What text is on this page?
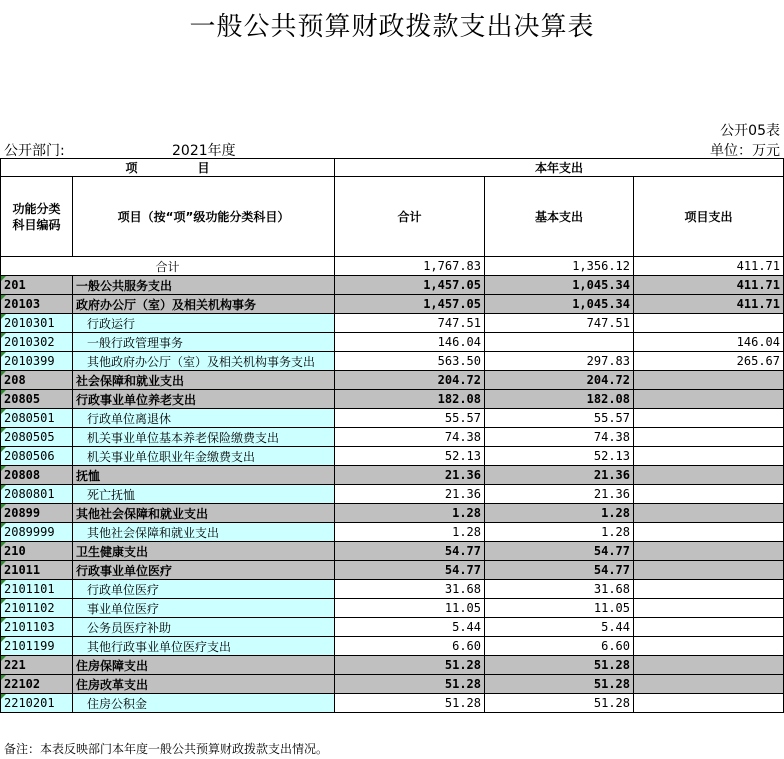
一般公共预算财政拨款支出决算表
公开05表
公开部门:	2021年度	单位：万元
项　　　　　目		本年支出		
功能分类科目编码	项目（按“项”级功能分类科目）	合计	基本支出	项目支出
合计		1,767.83	1,356.12	411.71
201	一般公共服务支出	1,457.05	1,045.34	411.71
20103	政府办公厅（室）及相关机构事务	1,457.05	1,045.34	411.71
2010301	行政运行	747.51	747.51	
2010302	一般行政管理事务	146.04		146.04
2010399	其他政府办公厅（室）及相关机构事务支出	563.50	297.83	265.67
208	社会保障和就业支出	204.72	204.72	
20805	行政事业单位养老支出	182.08	182.08	
2080501	行政单位离退休	55.57	55.57	
2080505	机关事业单位基本养老保险缴费支出	74.38	74.38	
2080506	机关事业单位职业年金缴费支出	52.13	52.13	
20808	抚恤	21.36	21.36	
2080801	死亡抚恤	21.36	21.36	
20899	其他社会保障和就业支出	1.28	1.28	
2089999	其他社会保障和就业支出	1.28	1.28	
210	卫生健康支出	54.77	54.77	
21011	行政事业单位医疗	54.77	54.77	
2101101	行政单位医疗	31.68	31.68	
2101102	事业单位医疗	11.05	11.05	
2101103	公务员医疗补助	5.44	5.44	
2101199	其他行政事业单位医疗支出	6.60	6.60	
221	住房保障支出	51.28	51.28	
22102	住房改革支出	51.28	51.28	
2210201	住房公积金	51.28	51.28	
备注：本表反映部门本年度一般公共预算财政拨款支出情况。
